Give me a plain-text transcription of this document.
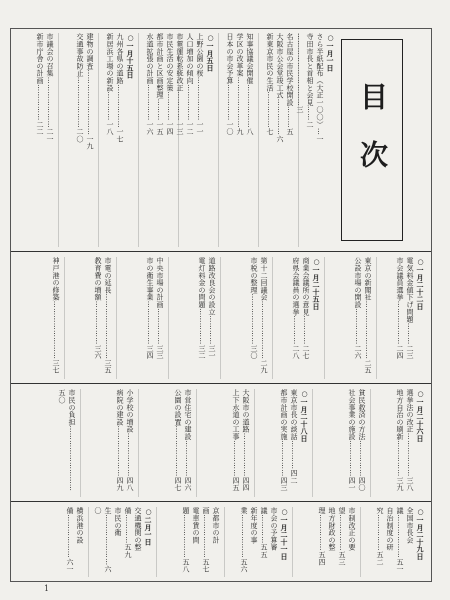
目次
○一月一日
さら半紙配布（大正一〇〇）…一
寺田市長と首相と会見……二
…………………………三
名古屋の市民学校開設………五
大阪市公会堂竣工式……………六
新東京市民の生活……………七
知事協議会開催………………八
学区の改革案…………………九
日本の市会予算……………一〇
○一月五日
上野公園の桜………………一一
人口増加の傾向……………一二
市電運転系統改正…………一三
市民生活の安定策…………一四
都市計画と区画整理………一五
水道拡張の計画……………一六
○一月十五日
九州各県の道路………………一七
新居浜工場の新設…………一八
建物の調査………………………一九
交通事故防止…………………二〇
市議会の召集…………………二一
新市庁舎の計画……………二二
○一月二十二日
電気料金値下げ問題………二三
市会議員選挙………………二四
東京の新聞社……………………二五
公設市場の開設……………二六
○一月二十五日
商業会議所の意見…………二七
府県会議員の選挙…………二八
第十二回議会……………………二九
市税の整理…………………三〇
道路改良会の設立…………三一
電灯料金の問題……………三二
中央市場の計画……………三三
市の衛生事業………………三四
市電の延長………………………三五
教育費の増額………………三六
神戸港の修築……………………三七
○一月二十六日
選挙法の改正………………三八
地方自治の刷新……………三九
貧民救済の方法……………四〇
社会事業の施設……………四一
○一月二十八日
東京市長の談話…………四二
都市計画の実施……………四三
大阪市の道路………………四四
上下水道の工事……………四五
市営住宅の建設……………四六
公園の設置…………………四七
小学校の増設………………四八
病院の建設…………………四九
市民の負担………………………五〇
○一月二十九日
全国市長会議………………五一
自治制度の研究……………五二
市制改正の要望……………五三
地方財政の整理……………五四
○一月二十一日
市会の予算審議…………五五
新年度の事業………………五六
京都市の計画………………五七
電車賃の問題………………五八
○二月一日
交通機関の整備…………五九
市民の衛生…………………六〇
横浜港の設備………………六一
1
